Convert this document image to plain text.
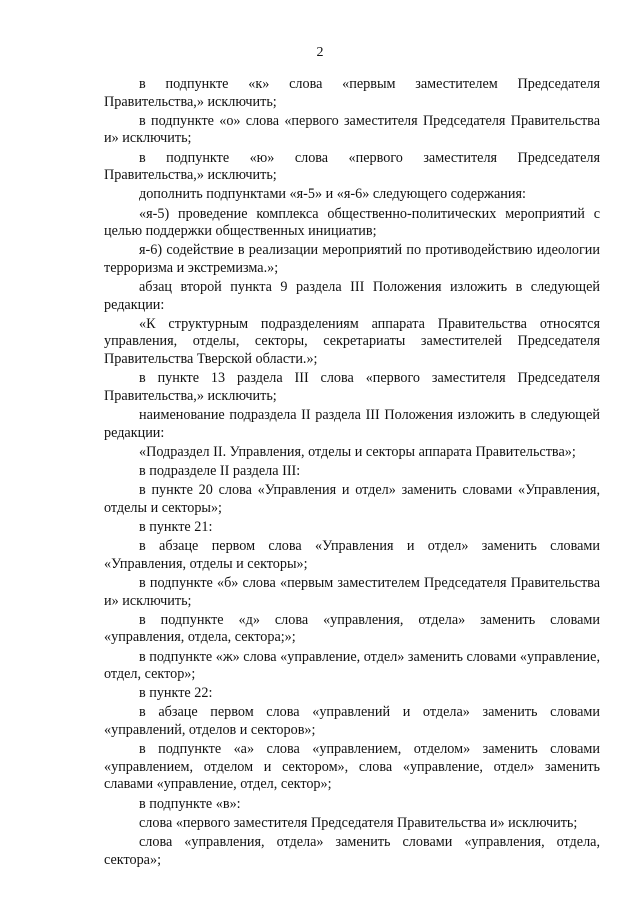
2

в подпункте «к» слова «первым заместителем Председателя Правительства,» исключить;

в подпункте «о» слова «первого заместителя Председателя Правительства и» исключить;

в подпункте «ю» слова «первого заместителя Председателя Правительства,» исключить;

дополнить подпунктами «я-5» и «я-6» следующего содержания:

«я-5) проведение комплекса общественно-политических мероприятий с целью поддержки общественных инициатив;

я-6) содействие в реализации мероприятий по противодействию идеологии терроризма и экстремизма.»;

абзац второй пункта 9 раздела III Положения изложить в следующей редакции:

«К структурным подразделениям аппарата Правительства относятся управления, отделы, секторы, секретариаты заместителей Председателя Правительства Тверской области.»;

в пункте 13 раздела III слова «первого заместителя Председателя Правительства,» исключить;

наименование подраздела II раздела III Положения изложить в следующей редакции:

«Подраздел II. Управления, отделы и секторы аппарата Правительства»;

в подразделе II раздела III:

в пункте 20 слова «Управления и отдел» заменить словами «Управления, отделы и секторы»;

в пункте 21:

в абзаце первом слова «Управления и отдел» заменить словами «Управления, отделы и секторы»;

в подпункте «б» слова «первым заместителем Председателя Правительства и» исключить;

в подпункте «д» слова «управления, отдела» заменить словами «управления, отдела, сектора;»;

в подпункте «ж» слова «управление, отдел» заменить словами «управление, отдел, сектор»;

в пункте 22:

в абзаце первом слова «управлений и отдела» заменить словами «управлений, отделов и секторов»;

в подпункте «а» слова «управлением, отделом» заменить словами «управлением, отделом и сектором», слова «управление, отдел» заменить славами «управление, отдел, сектор»;

в подпункте «в»:

слова «первого заместителя Председателя Правительства и» исключить;

слова «управления, отдела» заменить словами «управления, отдела, сектора»;
